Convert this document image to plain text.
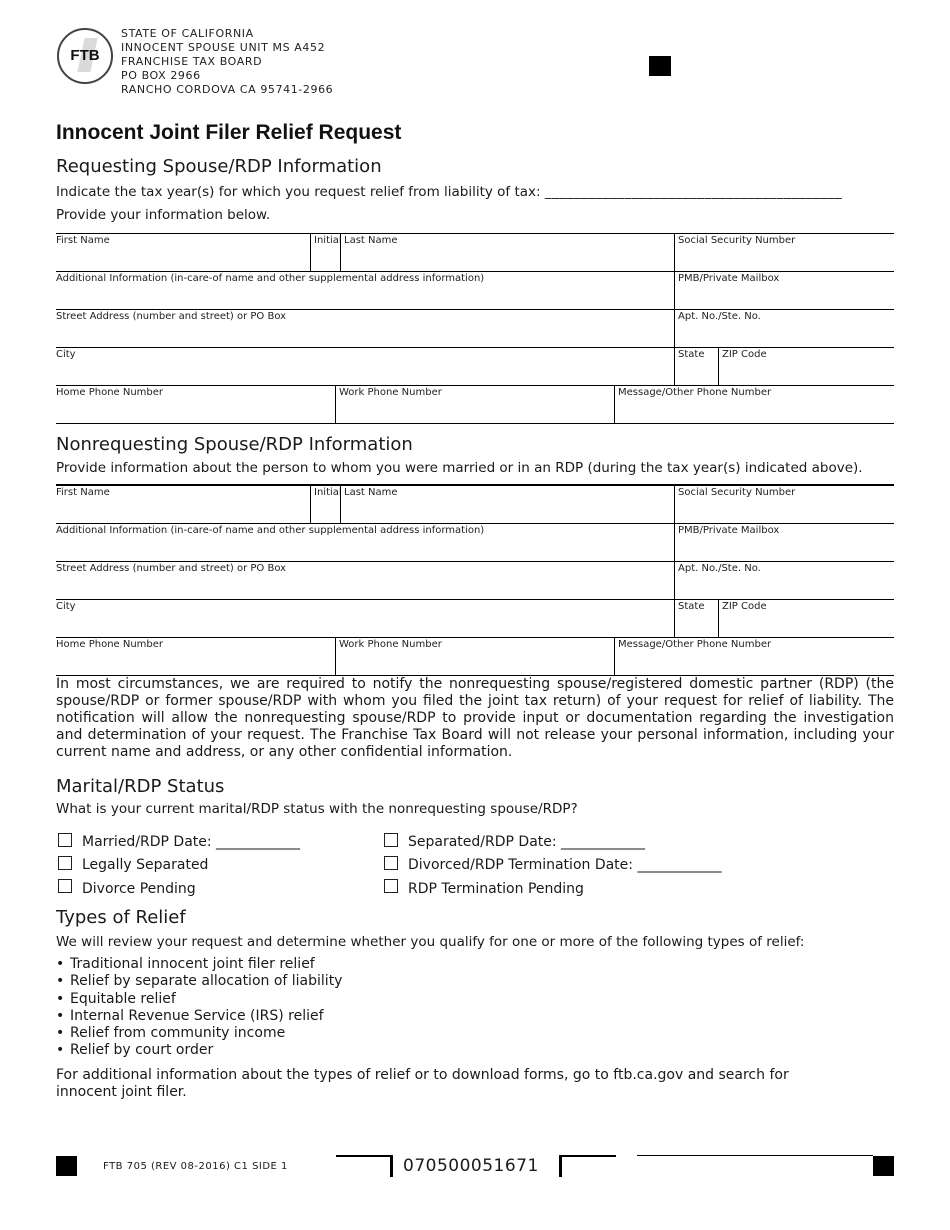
FTB
STATE OF CALIFORNIA
INNOCENT SPOUSE UNIT MS A452
FRANCHISE TAX BOARD
PO BOX 2966
RANCHO CORDOVA CA 95741-2966
Innocent Joint Filer Relief Request
Requesting Spouse/RDP Information
Indicate the tax year(s) for which you request relief from liability of tax: _________________________________________
Provide your information below.
First Name	Initial Last Name	Social Security Number
Additional Information (in-care-of name and other supplemental address information)	PMB/Private Mailbox
Street Address (number and street) or PO Box	Apt. No./Ste. No.
City	State ZIP Code
Home Phone Number	Work Phone Number	Message/Other Phone Number
Nonrequesting Spouse/RDP Information
Provide information about the person to whom you were married or in an RDP (during the tax year(s) indicated above).
First Name	Initial Last Name	Social Security Number
Additional Information (in-care-of name and other supplemental address information)	PMB/Private Mailbox
Street Address (number and street) or PO Box	Apt. No./Ste. No.
City	State ZIP Code
Home Phone Number	Work Phone Number	Message/Other Phone Number
In most circumstances, we are required to notify the nonrequesting spouse/registered domestic partner (RDP) (the spouse/RDP or former spouse/RDP with whom you filed the joint tax return) of your request for relief of liability. The notification will allow the nonrequesting spouse/RDP to provide input or documentation regarding the investigation and determination of your request. The Franchise Tax Board will not release your personal information, including your current name and address, or any other confidential information.
Marital/RDP Status
What is your current marital/RDP status with the nonrequesting spouse/RDP?
Married/RDP Date: ____________
Legally Separated
Divorce Pending
Separated/RDP Date: ____________
Divorced/RDP Termination Date: ____________
RDP Termination Pending
Types of Relief
We will review your request and determine whether you qualify for one or more of the following types of relief:
• Traditional innocent joint filer relief
• Relief by separate allocation of liability
• Equitable relief
• Internal Revenue Service (IRS) relief
• Relief from community income
• Relief by court order
For additional information about the types of relief or to download forms, go to ftb.ca.gov and search for
innocent joint filer.
FTB 705 (REV 08-2016) C1 SIDE 1	070500051671
